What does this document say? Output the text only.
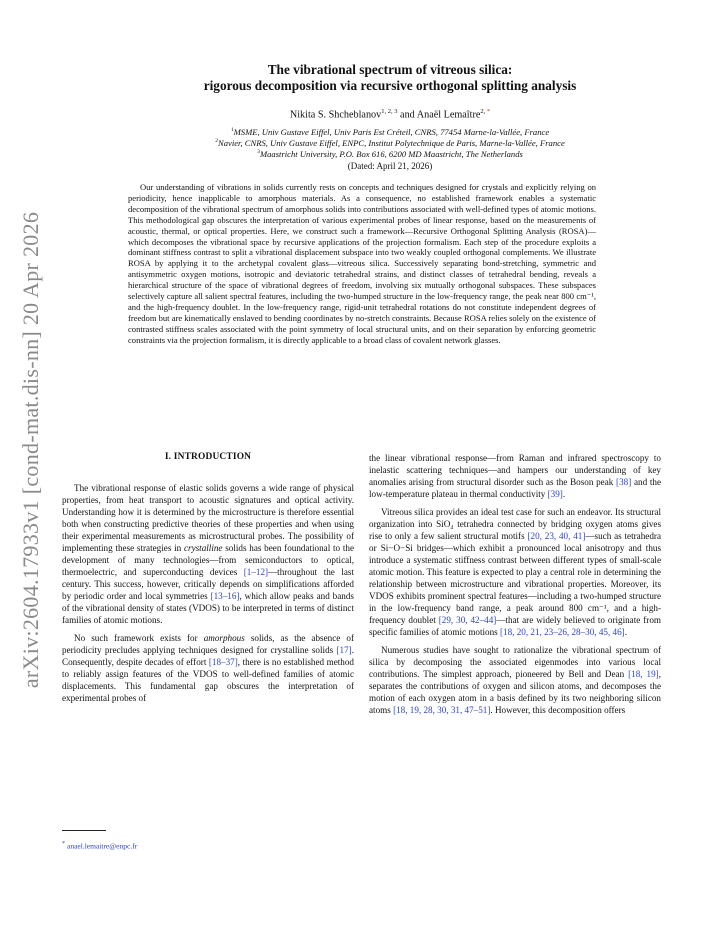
arXiv:2604.17933v1 [cond-mat.dis-nn] 20 Apr 2026
The vibrational spectrum of vitreous silica:
rigorous decomposition via recursive orthogonal splitting analysis
Nikita S. Shcheblanov$^{1, 2, 3}$ and Anaël Lemaître$^{2, *}$
$^1$MSME, Univ Gustave Eiffel, Univ Paris Est Créteil, CNRS, 77454 Marne-la-Vallée, France
$^2$Navier, CNRS, Univ Gustave Eiffel, ENPC, Institut Polytechnique de Paris, Marne-la-Vallée, France
$^3$Maastricht University, P.O. Box 616, 6200 MD Maastricht, The Netherlands
(Dated: April 21, 2026)
Our understanding of vibrations in solids currently rests on concepts and techniques designed for crystals and explicitly relying on periodicity, hence inapplicable to amorphous materials. As a consequence, no established framework enables a systematic decomposition of the vibrational spectrum of amorphous solids into contributions associated with well-defined types of atomic motions. This methodological gap obscures the interpretation of various experimental probes of linear response, based on the measurements of acoustic, thermal, or optical properties. Here, we construct such a framework—Recursive Orthogonal Splitting Analysis (ROSA)—which decomposes the vibrational space by recursive applications of the projection formalism. Each step of the procedure exploits a dominant stiffness contrast to split a vibrational displacement subspace into two weakly coupled orthogonal complements. We illustrate ROSA by applying it to the archetypal covalent glass—vitreous silica. Successively separating bond-stretching, symmetric and antisymmetric oxygen motions, isotropic and deviatoric tetrahedral strains, and distinct classes of tetrahedral bending, reveals a hierarchical structure of the space of vibrational degrees of freedom, involving six mutually orthogonal subspaces. These subspaces selectively capture all salient spectral features, including the two-humped structure in the low-frequency range, the peak near 800 cm⁻¹, and the high-frequency doublet. In the low-frequency range, rigid-unit tetrahedral rotations do not constitute independent degrees of freedom but are kinematically enslaved to bending coordinates by no-stretch constraints. Because ROSA relies solely on the existence of contrasted stiffness scales associated with the point symmetry of local structural units, and on their separation by enforcing geometric constraints via the projection formalism, it is directly applicable to a broad class of covalent network glasses.
I. INTRODUCTION

The vibrational response of elastic solids governs a wide range of physical properties, from heat transport to acoustic signatures and optical activity. Understanding how it is determined by the microstructure is therefore essential both when constructing predictive theories of these properties and when using their experimental measurements as microstructural probes. The possibility of implementing these strategies in crystalline solids has been foundational to the development of many technologies—from semiconductors to optical, thermoelectric, and superconducting devices [1–12]—throughout the last century. This success, however, critically depends on simplifications afforded by periodic order and local symmetries [13–16], which allow peaks and bands of the vibrational density of states (VDOS) to be interpreted in terms of distinct families of atomic motions.

No such framework exists for amorphous solids, as the absence of periodicity precludes applying techniques designed for crystalline solids [17]. Consequently, despite decades of effort [18–37], there is no established method to reliably assign features of the VDOS to well-defined families of atomic displacements. This fundamental gap obscures the interpretation of experimental probes of

the linear vibrational response—from Raman and infrared spectroscopy to inelastic scattering techniques—and hampers our understanding of key anomalies arising from structural disorder such as the Boson peak [38] and the low-temperature plateau in thermal conductivity [39].

Vitreous silica provides an ideal test case for such an endeavor. Its structural organization into SiO₄ tetrahedra connected by bridging oxygen atoms gives rise to only a few salient structural motifs [20, 23, 40, 41]—such as tetrahedra or Si−O−Si bridges—which exhibit a pronounced local anisotropy and thus introduce a systematic stiffness contrast between different types of small-scale atomic motion. This feature is expected to play a central role in determining the relationship between microstructure and vibrational properties. Moreover, its VDOS exhibits prominent spectral features—including a two-humped structure in the low-frequency band range, a peak around 800 cm⁻¹, and a high-frequency doublet [29, 30, 42–44]—that are widely believed to originate from specific families of atomic motions [18, 20, 21, 23–26, 28–30, 45, 46].

Numerous studies have sought to rationalize the vibrational spectrum of silica by decomposing the associated eigenmodes into various local contributions. The simplest approach, pioneered by Bell and Dean [18, 19], separates the contributions of oxygen and silicon atoms, and decomposes the motion of each oxygen atom in a basis defined by its two neighboring silicon atoms [18, 19, 28, 30, 31, 47–51]. However, this decomposition offers

* anael.lemaitre@enpc.fr
